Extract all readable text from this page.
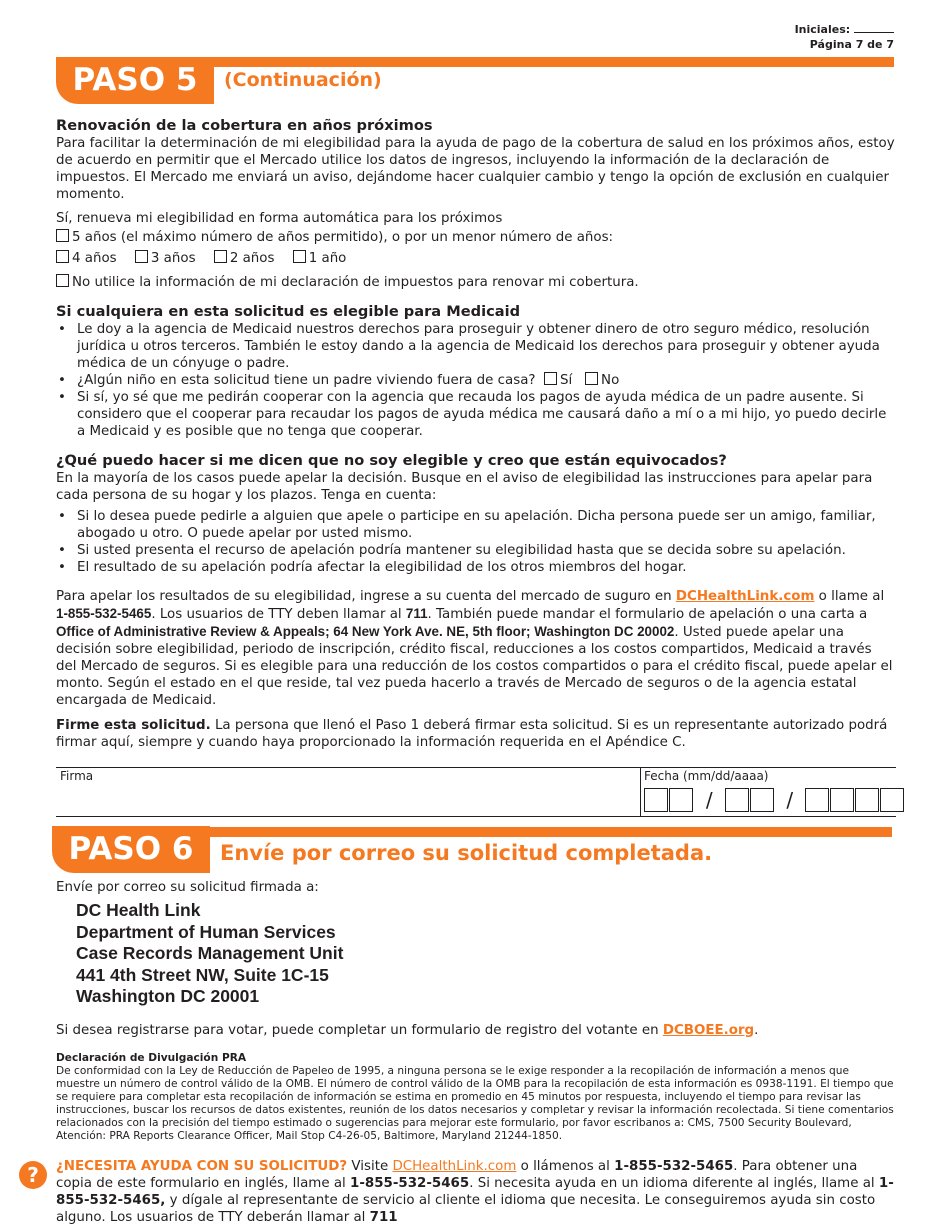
Iniciales:
Página 7 de 7
PASO 5	(Continuación)
Renovación de la cobertura en años próximos

Para facilitar la determinación de mi elegibilidad para la ayuda de pago de la cobertura de salud en los próximos años, estoy de acuerdo en permitir que el Mercado utilice los datos de ingresos, incluyendo la información de la declaración de impuestos. El Mercado me enviará un aviso, dejándome hacer cualquier cambio y tengo la opción de exclusión en cualquier momento.

Sí, renueva mi elegibilidad en forma automática para los próximos

5 años (el máximo número de años permitido), o por un menor número de años:

4 años	3 años	2 años	1 año

No utilice la información de mi declaración de impuestos para renovar mi cobertura.

Si cualquiera en esta solicitud es elegible para Medicaid
• Le doy a la agencia de Medicaid nuestros derechos para proseguir y obtener dinero de otro seguro médico, resolución jurídica u otros terceros. También le estoy dando a la agencia de Medicaid los derechos para proseguir y obtener ayuda médica de un cónyuge o padre.
• ¿Algún niño en esta solicitud tiene un padre viviendo fuera de casa? Sí No
• Si sí, yo sé que me pedirán cooperar con la agencia que recauda los pagos de ayuda médica de un padre ausente. Si considero que el cooperar para recaudar los pagos de ayuda médica me causará daño a mí o a mi hijo, yo puedo decirle a Medicaid y es posible que no tenga que cooperar.
¿Qué puedo hacer si me dicen que no soy elegible y creo que están equivocados?

En la mayoría de los casos puede apelar la decisión. Busque en el aviso de elegibilidad las instrucciones para apelar para cada persona de su hogar y los plazos. Tenga en cuenta:

• Si lo desea puede pedirle a alguien que apele o participe en su apelación. Dicha persona puede ser un amigo, familiar, abogado u otro. O puede apelar por usted mismo.
• Si usted presenta el recurso de apelación podría mantener su elegibilidad hasta que se decida sobre su apelación.
• El resultado de su apelación podría afectar la elegibilidad de los otros miembros del hogar.

Para apelar los resultados de su elegibilidad, ingrese a su cuenta del mercado de suguro en DCHealthLink.com o llame al 1-855-532-5465. Los usuarios de TTY deben llamar al 711. También puede mandar el formulario de apelación o una carta a Office of Administrative Review & Appeals; 64 New York Ave. NE, 5th floor; Washington DC 20002. Usted puede apelar una decisión sobre elegibilidad, periodo de inscripción, crédito fiscal, reducciones a los costos compartidos, Medicaid a través del Mercado de seguros. Si es elegible para una reducción de los costos compartidos o para el crédito fiscal, puede apelar el monto. Según el estado en el que reside, tal vez pueda hacerlo a través de Mercado de seguros o de la agencia estatal encargada de Medicaid.

Firme esta solicitud. La persona que llenó el Paso 1 deberá firmar esta solicitud. Si es un representante autorizado podrá firmar aquí, siempre y cuando haya proporcionado la información requerida en el Apéndice C.

Firma	Fecha (mm/dd/aaaa)
/	/
PASO 6	Envíe por correo su solicitud completada.

Envíe por correo su solicitud firmada a:

DC Health Link
Department of Human Services
Case Records Management Unit
441 4th Street NW, Suite 1C-15
Washington DC 20001

Si desea registrarse para votar, puede completar un formulario de registro del votante en DCBOEE.org.

Declaración de Divulgación PRA
De conformidad con la Ley de Reducción de Papeleo de 1995, a ninguna persona se le exige responder a la recopilación de información a menos que muestre un número de control válido de la OMB. El número de control válido de la OMB para la recopilación de esta información es 0938-1191. El tiempo que se requiere para completar esta recopilación de información se estima en promedio en 45 minutos por respuesta, incluyendo el tiempo para revisar las instrucciones, buscar los recursos de datos existentes, reunión de los datos necesarios y completar y revisar la información recolectada. Si tiene comentarios relacionados con la precisión del tiempo estimado o sugerencias para mejorar este formulario, por favor escribanos a: CMS, 7500 Security Boulevard, Atención: PRA Reports Clearance Officer, Mail Stop C4-26-05, Baltimore, Maryland 21244-1850.
?	¿NECESITA AYUDA CON SU SOLICITUD? Visite DCHealthLink.com o llámenos al 1-855-532-5465. Para obtener una copia de este formulario en inglés, llame al 1-855-532-5465. Si necesita ayuda en un idioma diferente al inglés, llame al 1-855-532-5465, y dígale al representante de servicio al cliente el idioma que necesita. Le conseguiremos ayuda sin costo alguno. Los usuarios de TTY deberán llamar al 711
